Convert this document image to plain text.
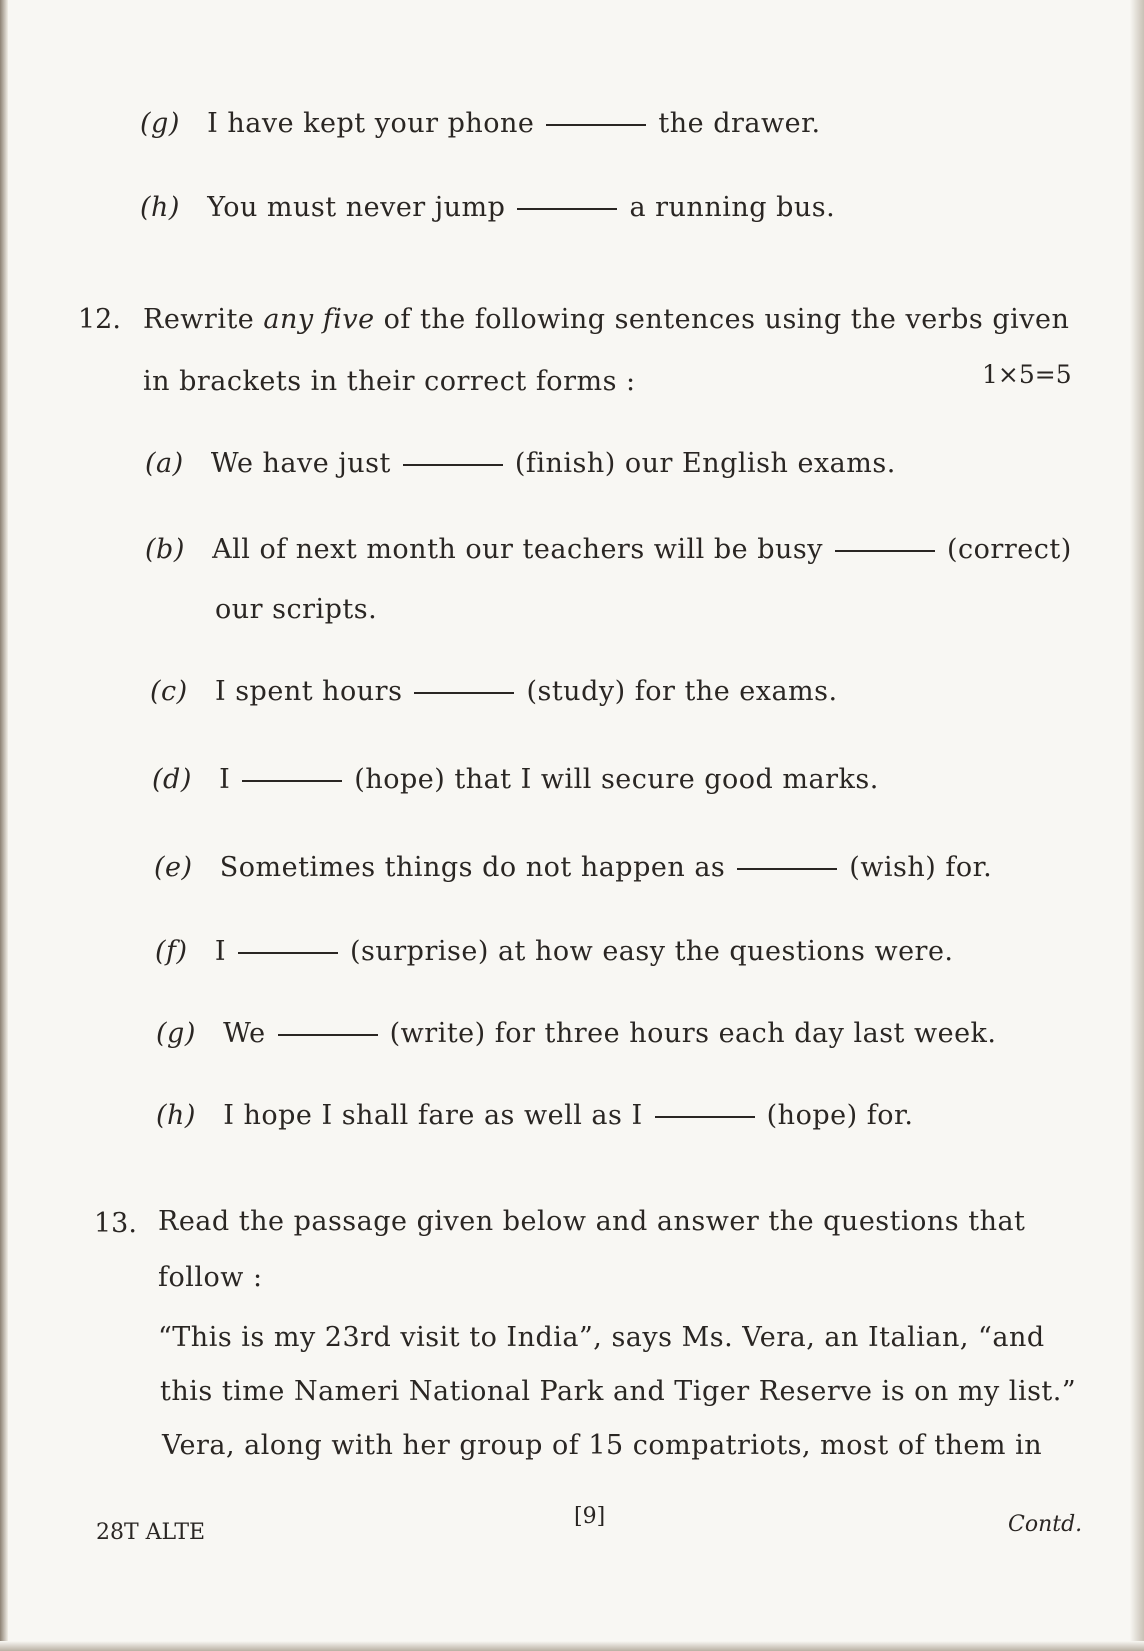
(g) I have kept your phone	the drawer.
(h) You must never jump	a running bus.
12. Rewrite any five of the following sentences using the verbs given
in brackets in their correct forms :	1×5=5
(a) We have just	(finish) our English exams.
(b) All of next month our teachers will be busy	(correct)
our scripts.
(c) I spent hours	(study) for the exams.
(d) I	(hope) that I will secure good marks.
(e) Sometimes things do not happen as	(wish) for.
(f) I	(surprise) at how easy the questions were.
(g) We	(write) for three hours each day last week.
(h) I hope I shall fare as well as I	(hope) for.
13. Read the passage given below and answer the questions that
follow :
“This is my 23rd visit to India”, says Ms. Vera, an Italian, “and
this time Nameri National Park and Tiger Reserve is on my list.”
Vera, along with her group of 15 compatriots, most of them in
28T ALTE
[9]	Contd.
